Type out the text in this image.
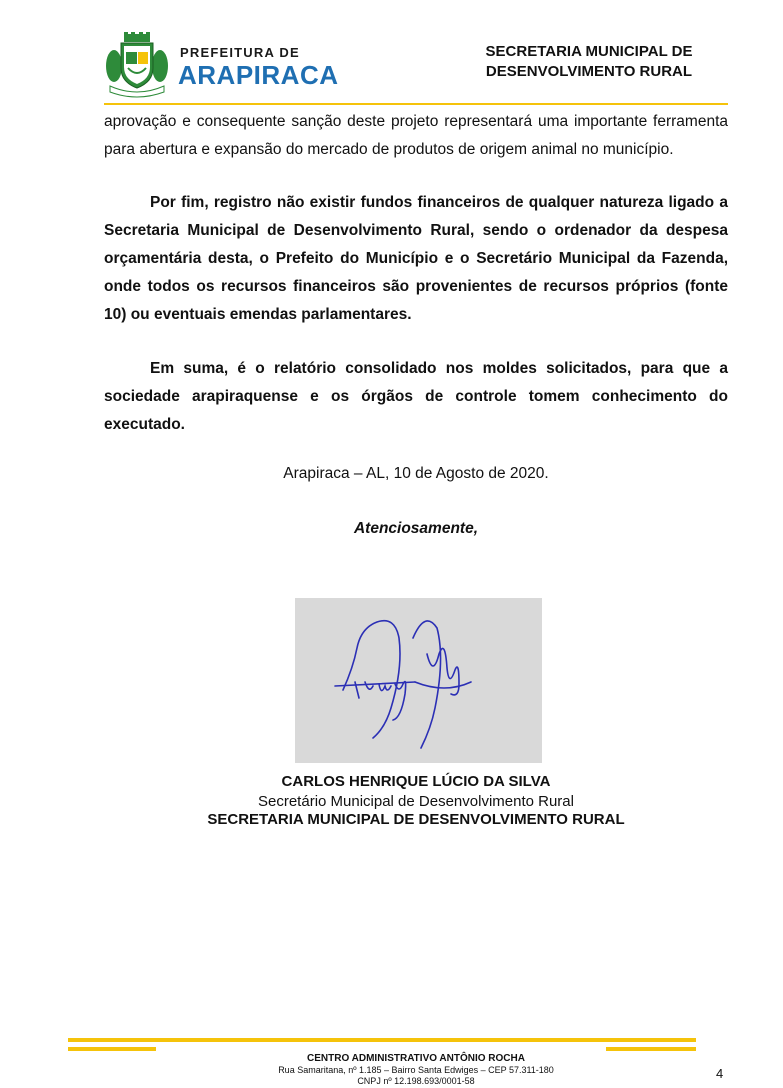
PREFEITURA DE
ARAPIRACA
SECRETARIA MUNICIPAL DE
DESENVOLVIMENTO RURAL
aprovação e consequente sanção deste projeto representará uma importante ferramenta para abertura e expansão do mercado de produtos de origem animal no município.
Por fim, registro não existir fundos financeiros de qualquer natureza ligado a Secretaria Municipal de Desenvolvimento Rural, sendo o ordenador da despesa orçamentária desta, o Prefeito do Município e o Secretário Municipal da Fazenda, onde todos os recursos financeiros são provenientes de recursos próprios (fonte 10) ou eventuais emendas parlamentares.
Em suma, é o relatório consolidado nos moldes solicitados, para que a sociedade arapiraquense e os órgãos de controle tomem conhecimento do executado.
Arapiraca – AL, 10 de Agosto de 2020.
Atenciosamente,
CARLOS HENRIQUE LÚCIO DA SILVA
Secretário Municipal de Desenvolvimento Rural
SECRETARIA MUNICIPAL DE DESENVOLVIMENTO RURAL
CENTRO ADMINISTRATIVO ANTÔNIO ROCHA
Rua Samaritana, nº 1.185 – Bairro Santa Edwiges – CEP 57.311-180
CNPJ nº 12.198.693/0001-58	4
